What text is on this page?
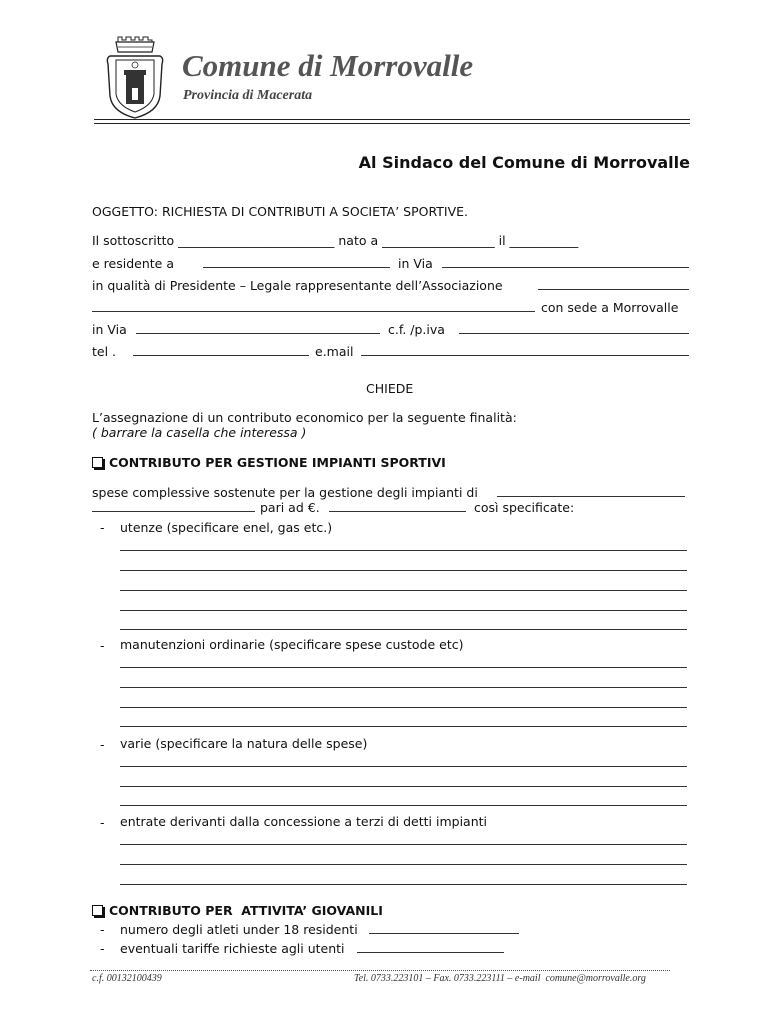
Comune di Morrovalle
Provincia di Macerata
Al Sindaco del Comune di Morrovalle
OGGETTO: RICHIESTA DI CONTRIBUTI A SOCIETA’ SPORTIVE.
Il sottoscritto _________________________ nato a __________________ il ___________
e residente a	in Via
in qualità di Presidente – Legale rappresentante dell’Associazione
con sede a Morrovalle
in Via	c.f. /p.iva
tel .	e.mail
CHIEDE
L’assegnazione di un contributo economico per la seguente finalità:
( barrare la casella che interessa )
CONTRIBUTO PER GESTIONE IMPIANTI SPORTIVI
spese complessive sostenute per la gestione degli impianti di
pari ad €.	così specificate:
- utenze (specificare enel, gas etc.)
- manutenzioni ordinarie (specificare spese custode etc)
- varie (specificare la natura delle spese)
- entrate derivanti dalla concessione a terzi di detti impianti
CONTRIBUTO PER  ATTIVITA’ GIOVANILI
- numero degli atleti under 18 residenti
- eventuali tariffe richieste agli utenti
c.f. 00132100439	Tel. 0733.223101 – Fax. 0733.223111 – e-mail  comune@morrovalle.org
